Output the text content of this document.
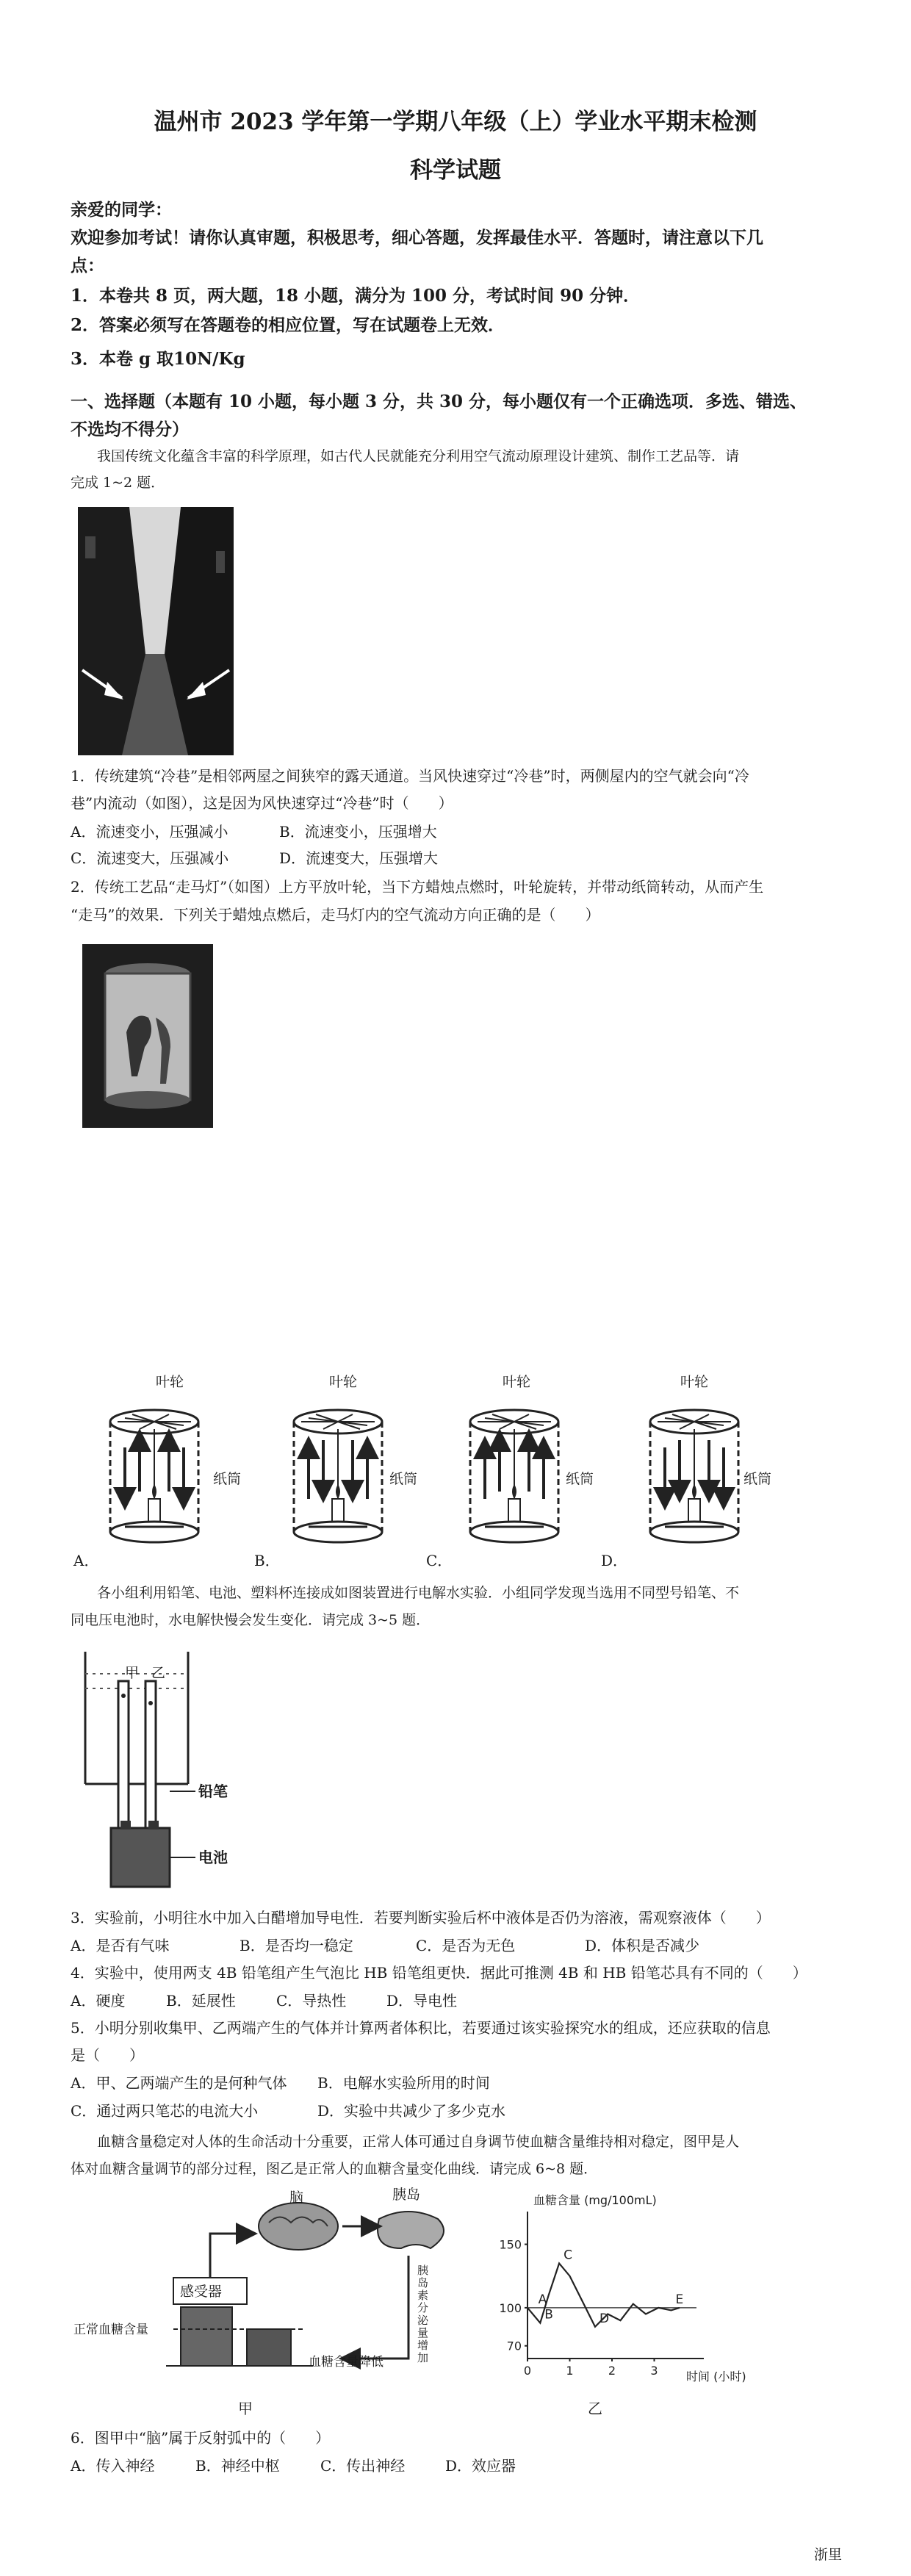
温州市 2023 学年第一学期八年级（上）学业水平期末检测
科学试题
亲爱的同学：
欢迎参加考试！请你认真审题，积极思考，细心答题，发挥最佳水平．答题时，请注意以下几
点：
1．本卷共 8 页，两大题，18 小题，满分为 100 分，考试时间 90 分钟．
2．答案必须写在答题卷的相应位置，写在试题卷上无效．
3．本卷 g 取10N/Kg
一、选择题（本题有 10 小题，每小题 3 分，共 30 分，每小题仅有一个正确选项．多选、错选、
不选均不得分）
我国传统文化蕴含丰富的科学原理，如古代人民就能充分利用空气流动原理设计建筑、制作工艺品等．请
完成 1~2 题．
1．传统建筑“冷巷”是相邻两屋之间狭窄的露天通道。当风快速穿过“冷巷”时，两侧屋内的空气就会向“冷
巷”内流动（如图），这是因为风快速穿过“冷巷”时（　　）
A．流速变小，压强减小	B．流速变小，压强增大
C．流速变大，压强减小	D．流速变大，压强增大
2．传统工艺品“走马灯”（如图）上方平放叶轮，当下方蜡烛点燃时，叶轮旋转，并带动纸筒转动，从而产生
“走马”的效果．下列关于蜡烛点燃后，走马灯内的空气流动方向正确的是（　　）
叶轮
纸筒
叶轮
纸筒
叶轮
纸筒
叶轮
纸筒
A．	B．	C．	D．
各小组利用铅笔、电池、塑料杯连接成如图装置进行电解水实验．小组同学发现当选用不同型号铅笔、不
同电压电池时，水电解快慢会发生变化．请完成 3~5 题．
甲 乙
铅笔
电池
3．实验前，小明往水中加入白醋增加导电性．若要判断实验后杯中液体是否仍为溶液，需观察液体（　　）
A．是否有气味	B．是否均一稳定	C．是否为无色	D．体积是否减少
4．实验中，使用两支 4B 铅笔组产生气泡比 HB 铅笔组更快．据此可推测 4B 和 HB 铅笔芯具有不同的（　　）
A．硬度	B．延展性	C．导热性	D．导电性
5．小明分别收集甲、乙两端产生的气体并计算两者体积比，若要通过该实验探究水的组成，还应获取的信息
是（　　）
A．甲、乙两端产生的是何种气体 B．电解水实验所用的时间
C．通过两只笔芯的电流大小	D．实验中共减少了多少克水
血糖含量稳定对人体的生命活动十分重要，正常人体可通过自身调节使血糖含量维持相对稳定，图甲是人
体对血糖含量调节的部分过程，图乙是正常人的血糖含量变化曲线．请完成 6~8 题．
脑	胰岛
感受器
胰
岛
素
分
泌
量
增
加
正常血糖含量
血糖含量降低
甲
70
100
150
0	1	2	3
A
B
C
D
E
血糖含量 (mg/100mL)
时间 (小时)
乙
6．图甲中“脑”属于反射弧中的（　　）
A．传入神经	B．神经中枢	C．传出神经	D．效应器
浙里
